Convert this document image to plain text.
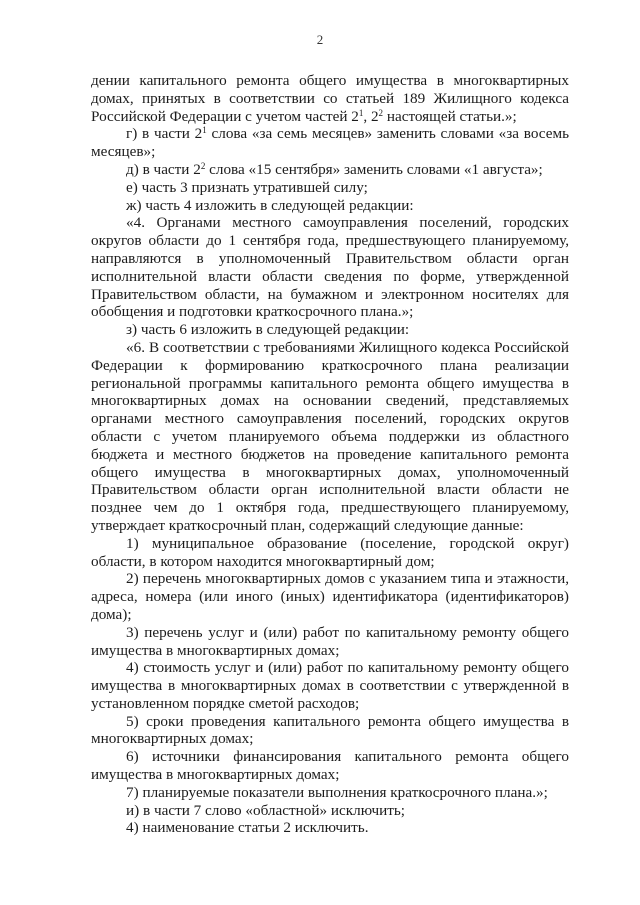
2

дении капитального ремонта общего имущества в многоквартирных домах, принятых в соответствии со статьей 189 Жилищного кодекса Российской Федерации с учетом частей $2^1$, $2^2$ настоящей статьи.»;

г) в части $2^1$ слова «за семь месяцев» заменить словами «за восемь месяцев»;

д) в части $2^2$ слова «15 сентября» заменить словами «1 августа»;

е) часть 3 признать утратившей силу;

ж) часть 4 изложить в следующей редакции:

«4. Органами местного самоуправления поселений, городских округов области до 1 сентября года, предшествующего планируемому, направляются в уполномоченный Правительством области орган исполнительной власти области сведения по форме, утвержденной Правительством области, на бумажном и электронном носителях для обобщения и подготовки краткосрочного плана.»;

з) часть 6 изложить в следующей редакции:

«6. В соответствии с требованиями Жилищного кодекса Российской Федерации к формированию краткосрочного плана реализации региональной программы капитального ремонта общего имущества в многоквартирных домах на основании сведений, представляемых органами местного самоуправления поселений, городских округов области с учетом планируемого объема поддержки из областного бюджета и местного бюджетов на проведение капитального ремонта общего имущества в многоквартирных домах, уполномоченный Правительством области орган исполнительной власти области не позднее чем до 1 октября года, предшествующего планируемому, утверждает краткосрочный план, содержащий следующие данные:

1) муниципальное образование (поселение, городской округ) области, в котором находится многоквартирный дом;

2) перечень многоквартирных домов с указанием типа и этажности, адреса, номера (или иного (иных) идентификатора (идентификаторов) дома);

3) перечень услуг и (или) работ по капитальному ремонту общего имущества в многоквартирных домах;

4) стоимость услуг и (или) работ по капитальному ремонту общего имущества в многоквартирных домах в соответствии с утвержденной в установленном порядке сметой расходов;

5) сроки проведения капитального ремонта общего имущества в многоквартирных домах;

6) источники финансирования капитального ремонта общего имущества в многоквартирных домах;

7) планируемые показатели выполнения краткосрочного плана.»;

и) в части 7 слово «областной» исключить;

4) наименование статьи 2 исключить.
